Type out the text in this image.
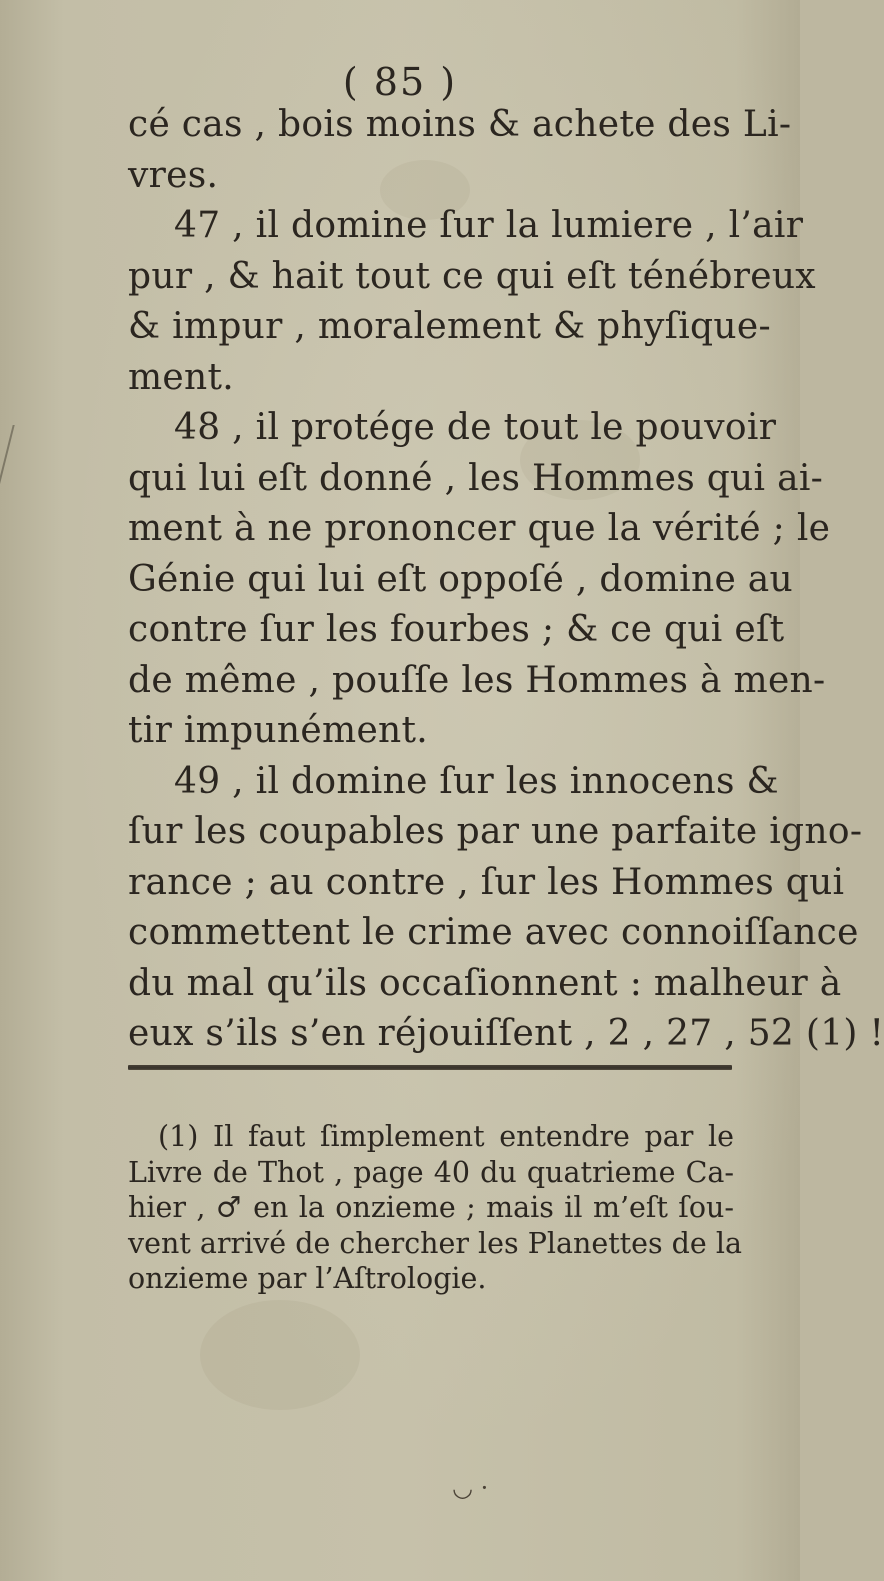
( 85 )
cé cas , bois moins & achete des Li-
vres.
47 , il domine ſur la lumiere , l’air
pur , & hait tout ce qui eſt ténébreux
& impur , moralement & phyſique-
ment.
48 , il protége de tout le pouvoir
qui lui eſt donné , les Hommes qui ai-
ment à ne prononcer que la vérité ; le
Génie qui lui eſt oppoſé , domine au
contre ſur les fourbes ; & ce qui eſt
de même , pouſſe les Hommes à men-
tir impunément.
49 , il domine ſur les innocens &
ſur les coupables par une parfaite igno-
rance ; au contre , ſur les Hommes qui
commettent le crime avec connoiſſance
du mal qu’ils occaſionnent : malheur à
eux s’ils s’en réjouiſſent , 2 , 27 , 52 (1) !
(1) Il faut ſimplement entendre par le
Livre de Thot , page 40 du quatrieme Ca-
hier , ♂ en la onzieme ; mais il m’eſt ſou-
vent arrivé de chercher les Planettes de la
onzieme par l’Aſtrologie.
◡ ·
